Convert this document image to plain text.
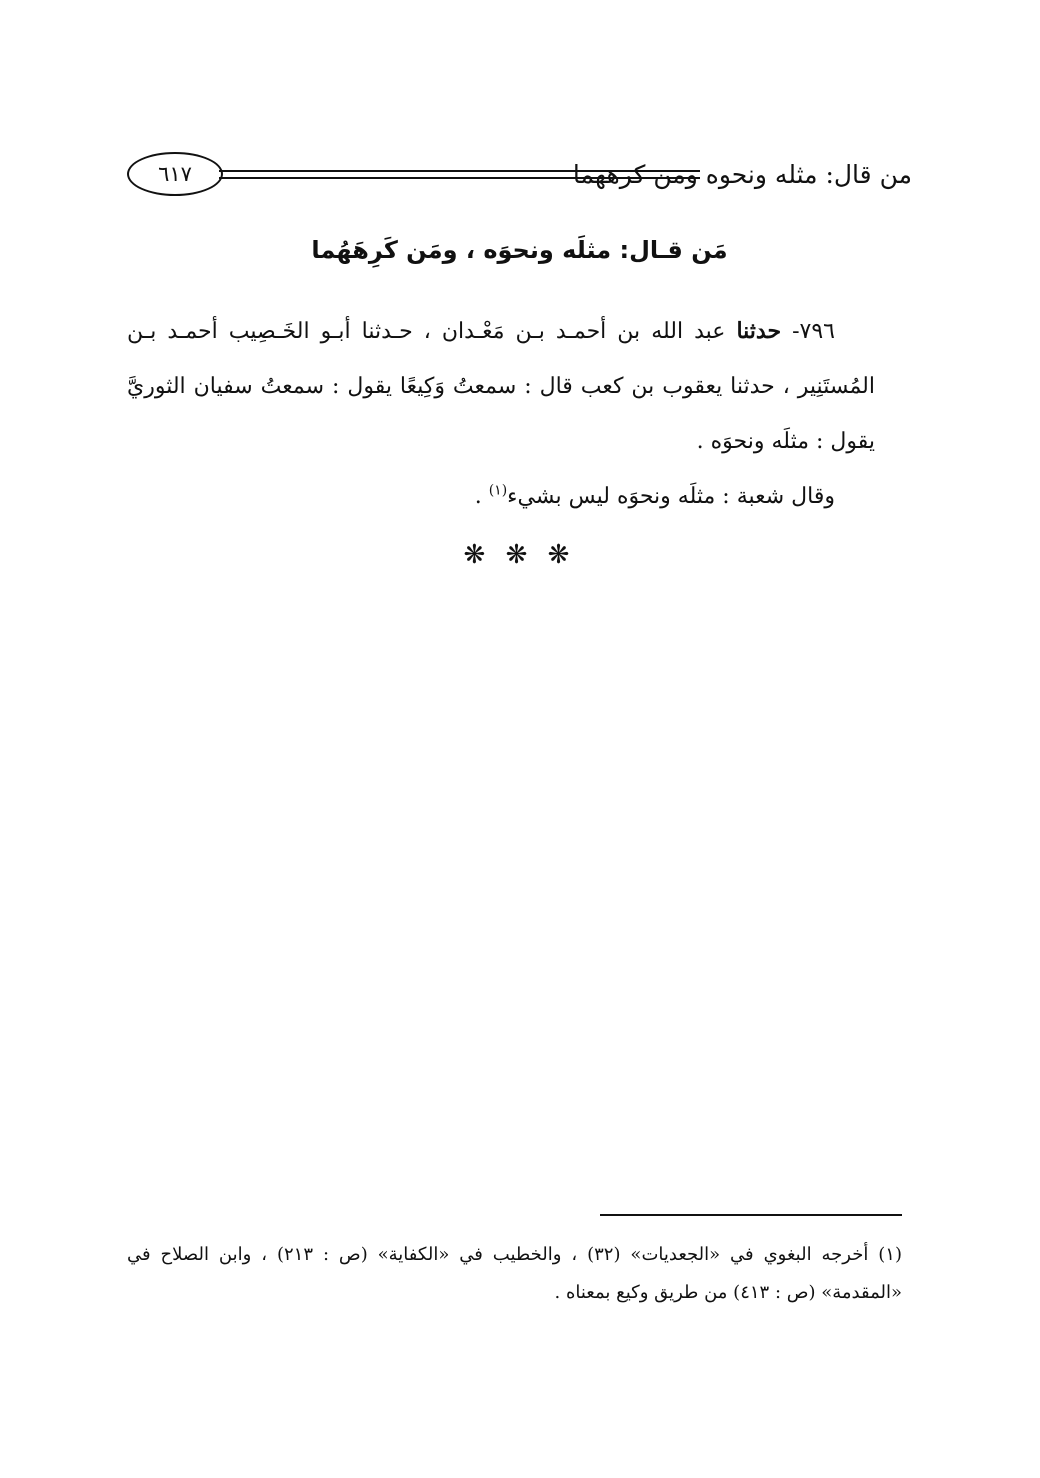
من قال: مثله ونحوه ومن كرههما
٦١٧
مَن قـال: مثلَه ونحوَه ، ومَن كَرِهَهُما

٧٩٦- حدثنا عبد الله بن أحمـد بـن مَعْـدان ، حـدثنا أبـو الخَـصِيب أحمـد بـن المُستَنِير ، حدثنا يعقوب بن كعب قال : سمعتُ وَكِيعًا يقول : سمعتُ سفيان الثوريَّ يقول : مثلَه ونحوَه .

وقال شعبة : مثلَه ونحوَه ليس بشيء$^{(١)}$ .

❋ ❋ ❋

(١) أخرجه البغوي في «الجعديات» (٣٢) ، والخطيب في «الكفاية» (ص : ٢١٣) ، وابن الصلاح في «المقدمة» (ص : ٤١٣) من طريق وكيع بمعناه .
